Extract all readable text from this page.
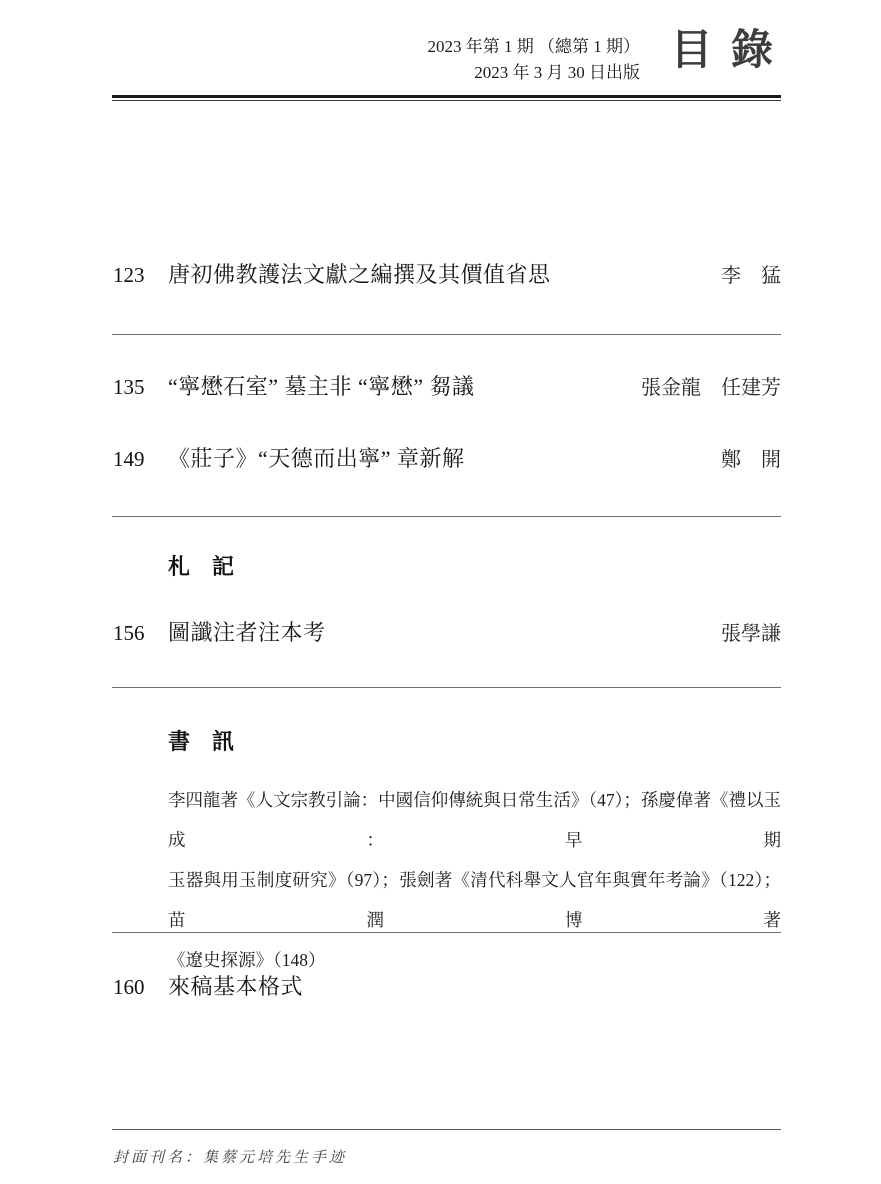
2023 年第 1 期 （總第 1 期）
2023 年 3 月 30 日出版 目 錄
123	唐初佛教護法文獻之編撰及其價值省思	李　猛
135	“寧懋石室” 墓主非 “寧懋” 芻議	張金龍　任建芳
149	《莊子》“天德而出寧” 章新解	鄭　開
札　記
156	圖讖注者注本考	張學謙
書　訊
李四龍著《人文宗教引論：中國信仰傳統與日常生活》（47）；孫慶偉著《禮以玉成：早期
玉器與用玉制度研究》（97）；張劍著《清代科舉文人官年與實年考論》（122）；苗潤博著
《遼史探源》（148）
160	來稿基本格式
封面刊名：集蔡元培先生手迹
